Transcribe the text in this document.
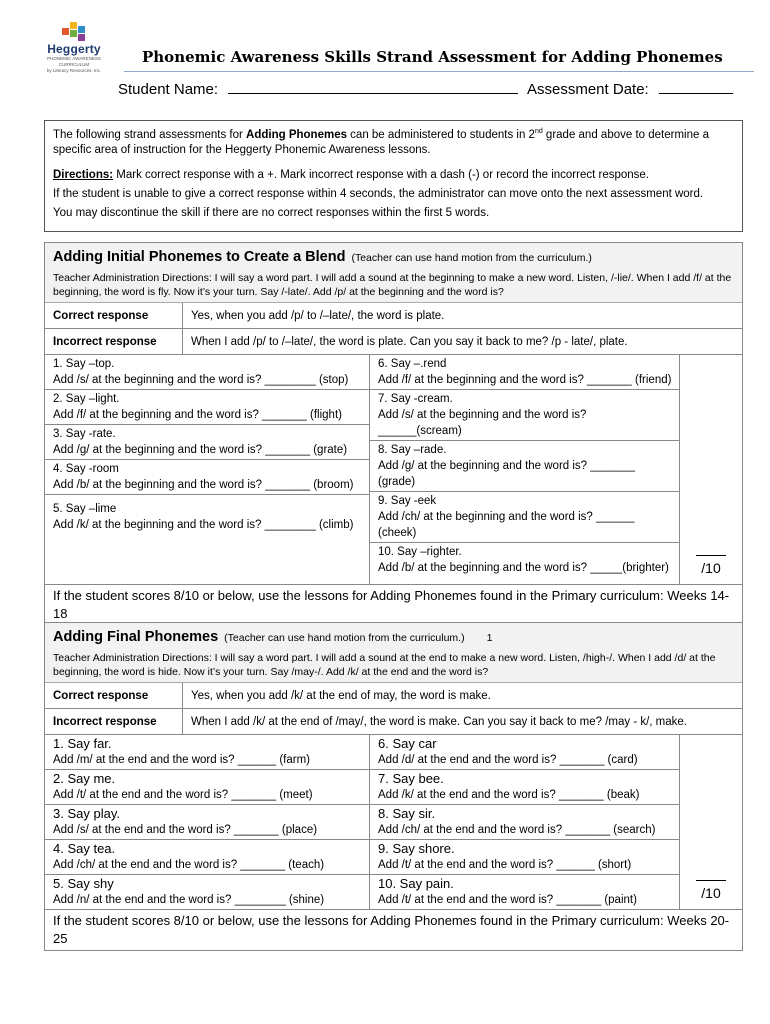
Heggerty
PHONEMIC AWARENESS CURRICULUM
by Literacy Resources, Inc.
Phonemic Awareness Skills Strand Assessment for Adding Phonemes
Student Name:	Assessment Date:

The following strand assessments for Adding Phonemes can be administered to students in 2nd grade and above to determine a specific area of instruction for the Heggerty Phonemic Awareness lessons.

Directions: Mark correct response with a +. Mark incorrect response with a dash (-) or record the incorrect response.

If the student is unable to give a correct response within 4 seconds, the administrator can move onto the next assessment word.

You may discontinue the skill if there are no correct responses within the first 5 words.

Adding Initial Phonemes to Create a Blend (Teacher can use hand motion from the curriculum.)
Teacher Administration Directions: I will say a word part. I will add a sound at the beginning to make a new word. Listen, /-lie/. When I add /f/ at the beginning, the word is fly. Now it’s your turn. Say /-late/. Add /p/ at the beginning and the word is?
Correct response	Yes, when you add /p/ to /–late/, the word is plate.
Incorrect response	When I add /p/ to /–late/, the word is plate. Can you say it back to me? /p - late/, plate.
1. Say –top.
Add /s/ at the beginning and the word is? ________ (stop)
2. Say –light.
Add /f/ at the beginning and the word is? _______ (flight)
3. Say -rate.
Add /g/ at the beginning and the word is? _______ (grate)
4. Say -room
Add /b/ at the beginning and the word is? _______ (broom)
5. Say –lime
Add /k/ at the beginning and the word is? ________ (climb)
6. Say –.rend
Add /f/ at the beginning and the word is? _______ (friend)
7. Say -cream.
Add /s/ at the beginning and the word is? ______(scream)
8. Say –rade.
Add /g/ at the beginning and the word is? _______ (grade)
9. Say -eek
Add /ch/ at the beginning and the word is? ______ (cheek)
10. Say –righter.
Add /b/ at the beginning and the word is? _____(brighter) /10
If the student scores 8/10 or below, use the lessons for Adding Phonemes found in the Primary curriculum: Weeks 14-18
Adding Final Phonemes (Teacher can use hand motion from the curriculum.) 1
Teacher Administration Directions: I will say a word part. I will add a sound at the end to make a new word. Listen, /high-/. When I add /d/ at the beginning, the word is hide. Now it’s your turn. Say /may-/. Add /k/ at the end and the word is?
Correct response	Yes, when you add /k/ at the end of may, the word is make.
Incorrect response	When I add /k/ at the end of /may/, the word is make. Can you say it back to me? /may - k/, make.
1. Say far.
Add /m/ at the end and the word is? ______ (farm)
2. Say me.
Add /t/ at the end and the word is? _______ (meet)
3. Say play.
Add /s/ at the end and the word is? _______ (place)
4. Say tea.
Add /ch/ at the end and the word is? _______ (teach)
5. Say shy
Add /n/ at the end and the word is? ________ (shine)
6. Say car
Add /d/ at the end and the word is? _______ (card)
7. Say bee.
Add /k/ at the end and the word is? _______ (beak)
8. Say sir.
Add /ch/ at the end and the word is? _______ (search)
9. Say shore.
Add /t/ at the end and the word is? ______ (short)
10. Say pain.
Add /t/ at the end and the word is? _______ (paint)	/10
If the student scores 8/10 or below, use the lessons for Adding Phonemes found in the Primary curriculum: Weeks 20-25
